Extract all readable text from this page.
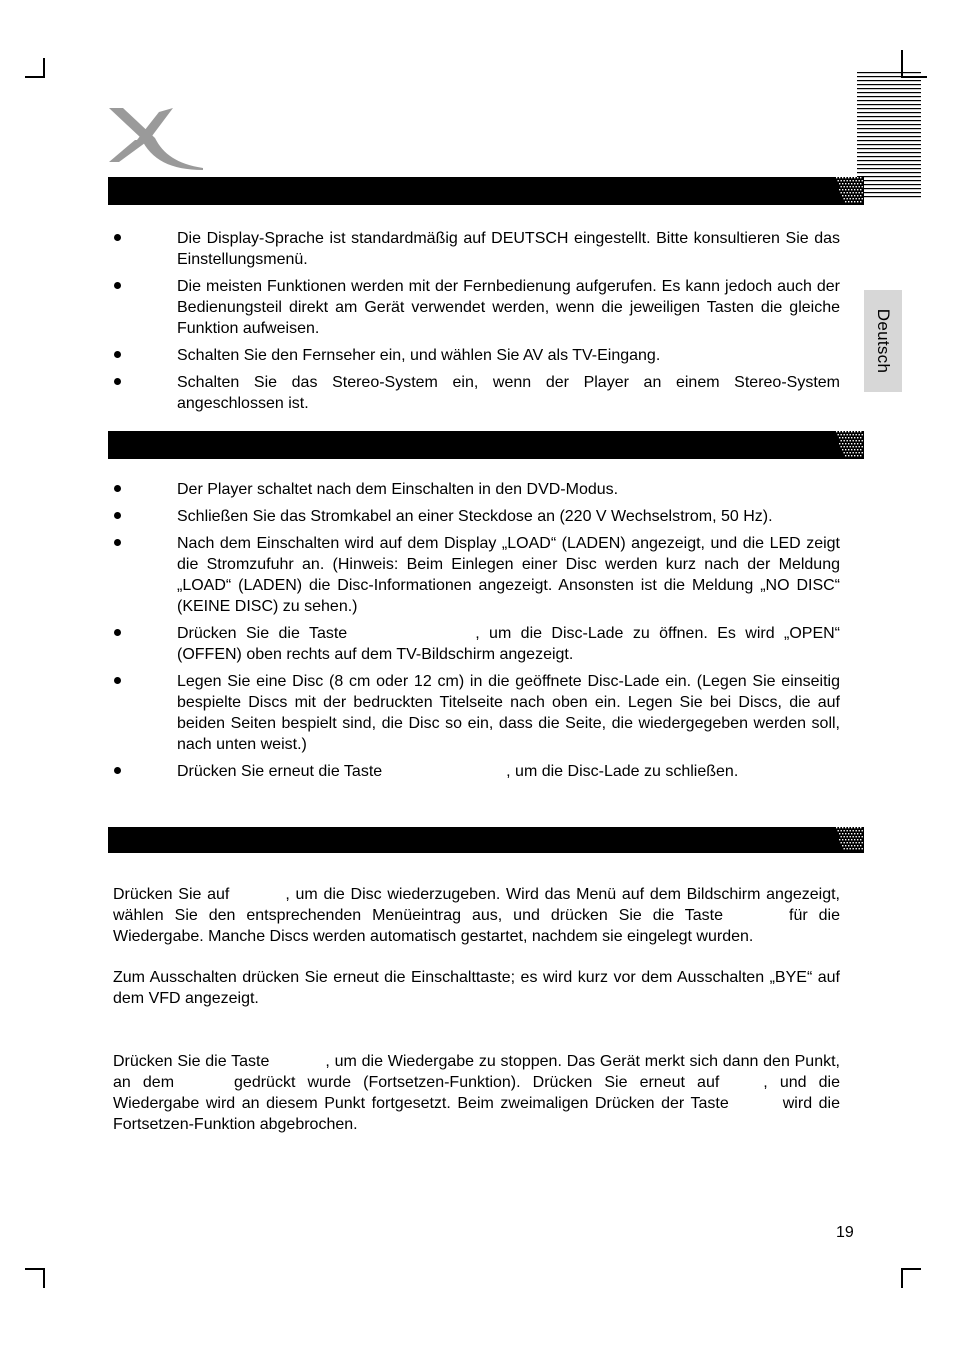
Deutsch
Die Display-Sprache ist standardmäßig auf DEUTSCH eingestellt. Bitte konsultieren Sie das Einstellungsmenü.
Die meisten Funktionen werden mit der Fernbedienung aufgerufen. Es kann jedoch auch der Bedienungsteil direkt am Gerät verwendet werden, wenn die jeweiligen Tasten die gleiche Funktion aufweisen.
Schalten Sie den Fernseher ein, und wählen Sie AV als TV-Eingang.
Schalten Sie das Stereo-System ein, wenn der Player an einem Stereo-System angeschlossen ist.
Der Player schaltet nach dem Einschalten in den DVD-Modus.
Schließen Sie das Stromkabel an einer Steckdose an (220 V Wechselstrom, 50 Hz).
Nach dem Einschalten wird auf dem Display „LOAD“ (LADEN) angezeigt, und die LED zeigt die Stromzufuhr an. (Hinweis: Beim Einlegen einer Disc werden kurz nach der Meldung „LOAD“ (LADEN) die Disc-Informationen angezeigt. Ansonsten ist die Meldung „NO DISC“ (KEINE DISC) zu sehen.)
Drücken Sie die Taste	, um die Disc-Lade zu öffnen. Es wird „OPEN“ (OFFEN) oben rechts auf dem TV-Bildschirm angezeigt.
Legen Sie eine Disc (8 cm oder 12 cm) in die geöffnete Disc-Lade ein. (Legen Sie einseitig bespielte Discs mit der bedruckten Titelseite nach oben ein. Legen Sie bei Discs, die auf beiden Seiten bespielt sind, die Disc so ein, dass die Seite, die wiedergegeben werden soll, nach unten weist.)
Drücken Sie erneut die Taste	, um die Disc-Lade zu schließen.

Drücken Sie auf	, um die Disc wiederzugeben. Wird das Menü auf dem Bildschirm angezeigt, wählen Sie den entsprechenden Menüeintrag aus, und drücken Sie die Taste	für die Wiedergabe. Manche Discs werden automatisch gestartet, nachdem sie eingelegt wurden.

Zum Ausschalten drücken Sie erneut die Einschalttaste; es wird kurz vor dem Ausschalten „BYE“ auf dem VFD angezeigt.

Drücken Sie die Taste	, um die Wiedergabe zu stoppen. Das Gerät merkt sich dann den Punkt, an dem	gedrückt wurde (Fortsetzen-Funktion). Drücken Sie erneut auf	, und die Wiedergabe wird an diesem Punkt fortgesetzt. Beim zweimaligen Drücken der Taste	wird die Fortsetzen-Funktion abgebrochen.

19
